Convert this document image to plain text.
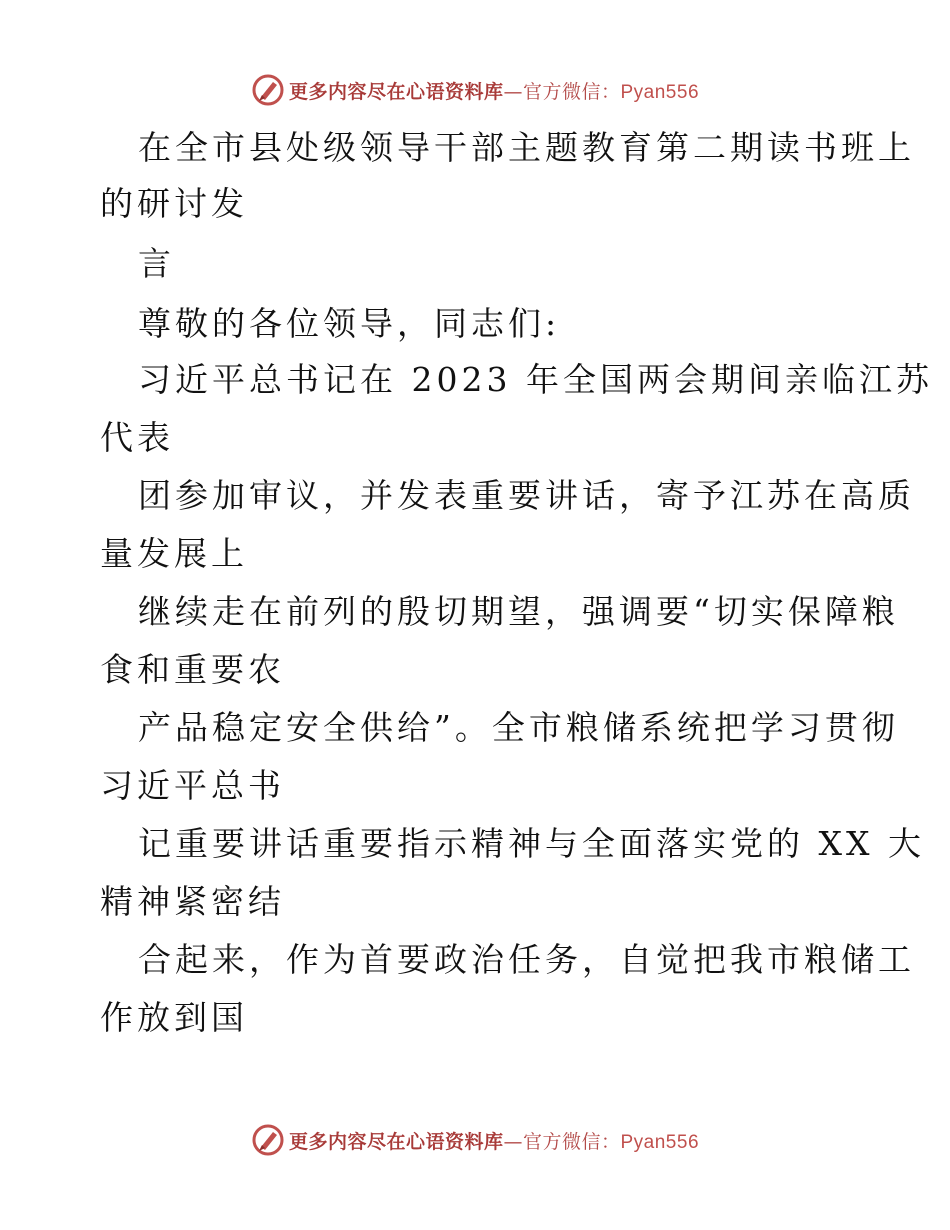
更多内容尽在心语资料库—官方微信：Pyan556
在全市县处级领导干部主题教育第二期读书班上
的研讨发
言
尊敬的各位领导，同志们:
习近平总书记在 2023 年全国两会期间亲临江苏
代表
团参加审议，并发表重要讲话，寄予江苏在高质
量发展上
继续走在前列的殷切期望，强调要“切实保障粮
食和重要农
产品稳定安全供给”。全市粮储系统把学习贯彻
习近平总书
记重要讲话重要指示精神与全面落实党的 XX 大
精神紧密结
合起来，作为首要政治任务，自觉把我市粮储工
作放到国
更多内容尽在心语资料库—官方微信：Pyan556
